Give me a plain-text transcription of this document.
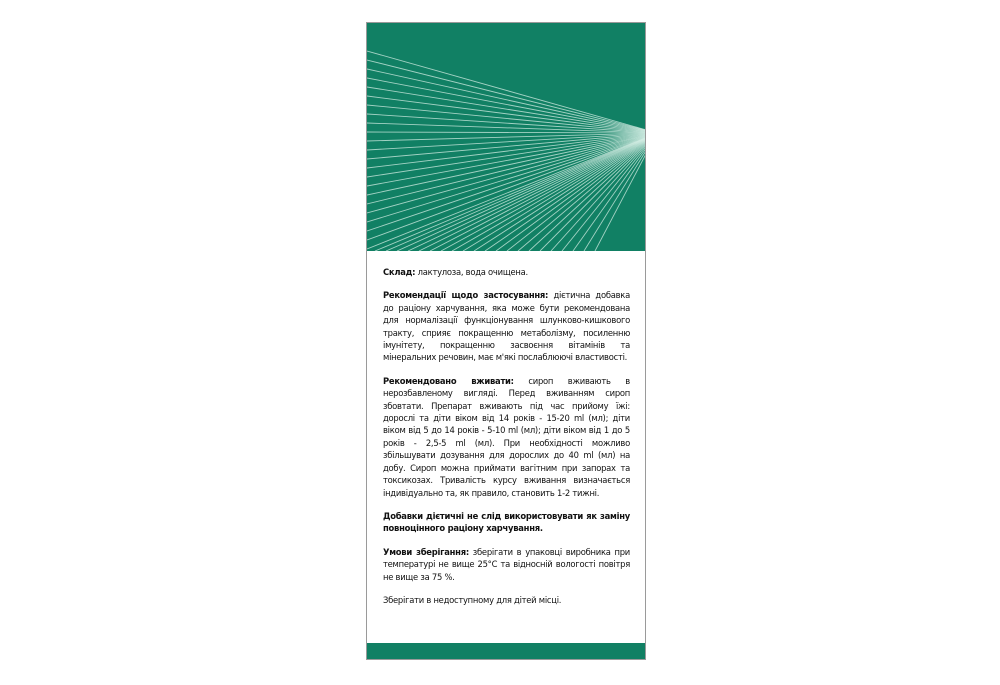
Склад: лактулоза, вода очищена.

Рекомендації щодо застосування: дієтична добавка до раціону харчування, яка може бути рекомендована для нормалізації функціонування шлунково-кишкового тракту, сприяє покращенню метаболізму, посиленню імунітету, покращенню засвоєння вітамінів та мінеральних речовин, має м'які послаблюючі властивості.

Рекомендовано вживати: сироп вживають в нерозбавленому вигляді. Перед вживанням сироп збовтати. Препарат вживають під час прийому їжі: дорослі та діти віком від 14 років - 15-20 ml (мл); діти віком від 5 до 14 років - 5-10 ml (мл); діти віком від 1 до 5 років - 2,5-5 ml (мл). При необхідності можливо збільшувати дозування для дорослих до 40 ml (мл) на добу. Сироп можна приймати вагітним при запорах та токсикозах. Тривалість курсу вживання визначається індивідуально та, як правило, становить 1-2 тижні.

Добавки дієтичні не слід використовувати як заміну повноцінного раціону харчування.

Умови зберігання: зберігати в упаковці виробника при температурі не вище 25°С та відносній вологості повітря не вище за 75 %.

Зберігати в недоступному для дітей місці.
